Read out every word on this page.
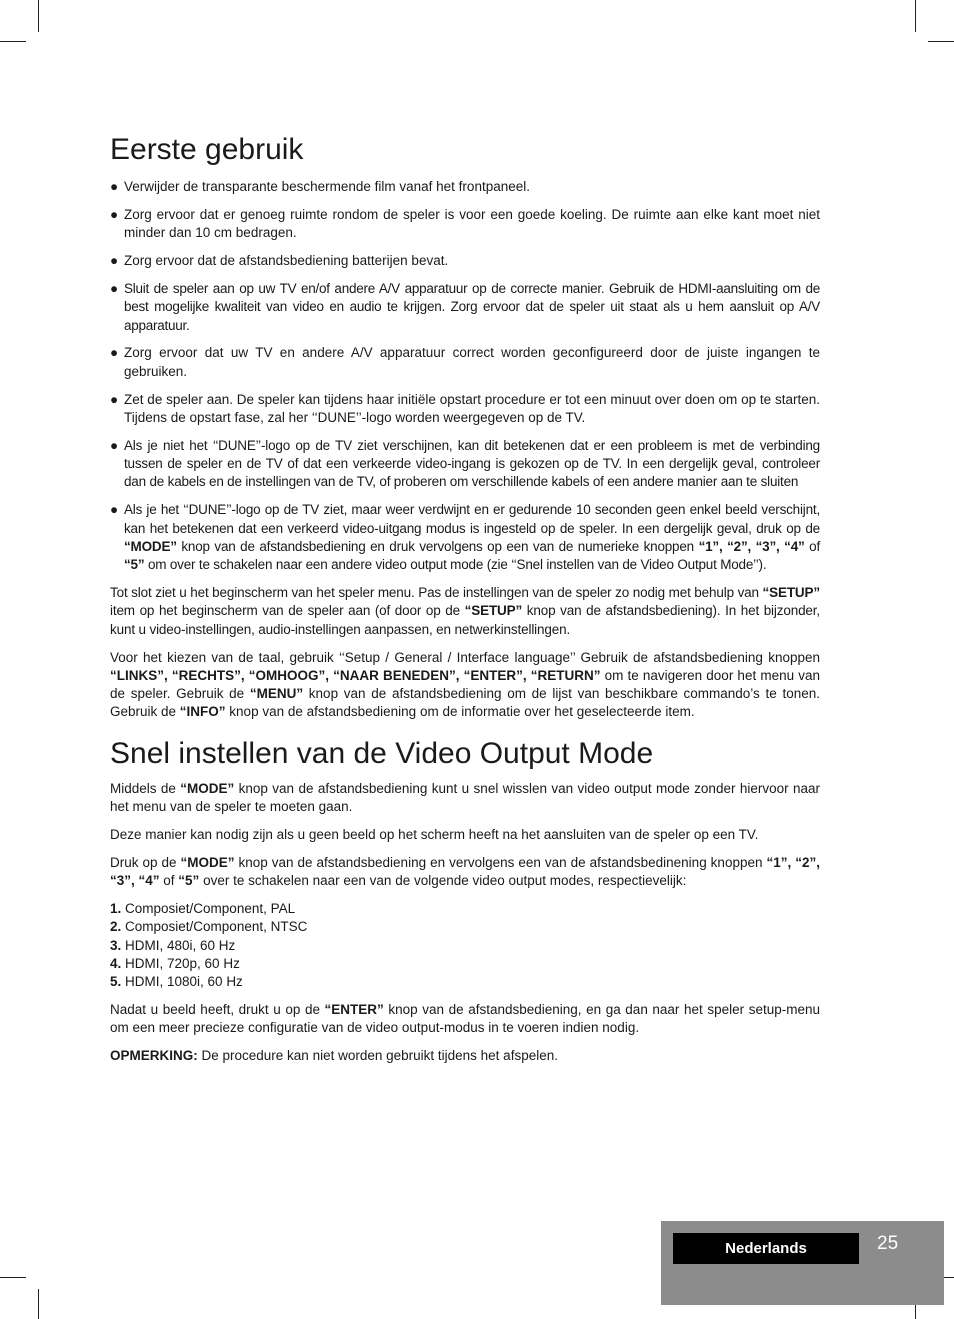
Eerste gebruik
● Verwijder de transparante beschermende film vanaf het frontpaneel.
● Zorg ervoor dat er genoeg ruimte rondom de speler is voor een goede koeling. De ruimte aan elke kant moet niet minder dan 10 cm bedragen.
● Zorg ervoor dat de afstandsbediening batterijen bevat.
● Sluit de speler aan op uw TV en/of andere A/V apparatuur op de correcte manier. Gebruik de HDMI-aansluiting om de best mogelijke kwaliteit van video en audio te krijgen. Zorg ervoor dat de speler uit staat als u hem aansluit op A/V apparatuur.
● Zorg ervoor dat uw TV en andere A/V apparatuur correct worden geconfigureerd door de juiste ingangen te gebruiken.
● Zet de speler aan. De speler kan tijdens haar initiële opstart procedure er tot een minuut over doen om op te starten. Tijdens de opstart fase, zal her ‘‘DUNE’’-logo worden weergegeven op de TV.
● Als je niet het ‘‘DUNE’’-logo op de TV ziet verschijnen, kan dit betekenen dat er een probleem is met de verbinding tussen de speler en de TV of dat een verkeerde video-ingang is gekozen op de TV. In een dergelijk geval, controleer dan de kabels en de instellingen van de TV, of proberen om verschillende kabels of een andere manier aan te sluiten
● Als je het ‘‘DUNE’’-logo op de TV ziet, maar weer verdwijnt en er gedurende 10 seconden geen enkel beeld verschijnt, kan het betekenen dat een verkeerd video-uitgang modus is ingesteld op de speler. In een dergelijk geval, druk op de “MODE” knop van de afstandsbediening en druk vervolgens op een van de numerieke knoppen “1”, “2”, “3”, “4” of “5” om over te schakelen naar een andere video output mode (zie ‘‘Snel instellen van de Video Output Mode’’).

Tot slot ziet u het beginscherm van het speler menu. Pas de instellingen van de speler zo nodig met behulp van “SETUP” item op het beginscherm van de speler aan (of door op de “SETUP” knop van de afstandsbediening). In het bijzonder, kunt u video-instellingen, audio-instellingen aanpassen, en netwerkinstellingen.

Voor het kiezen van de taal, gebruik ‘‘Setup / General / Interface language’’ Gebruik de afstandsbediening knoppen “LINKS”, “RECHTS”, “OMHOOG”, “NAAR BENEDEN”, “ENTER”, “RETURN” om te navigeren door het menu van de speler. Gebruik de “MENU” knop van de afstandsbediening om de lijst van beschikbare commando’s te tonen. Gebruik de “INFO” knop van de afstandsbediening om de informatie over het geselecteerde item.

Snel instellen van de Video Output Mode

Middels de “MODE” knop van de afstandsbediening kunt u snel wisslen van video output mode zonder hiervoor naar het menu van de speler te moeten gaan.

Deze manier kan nodig zijn als u geen beeld op het scherm heeft na het aansluiten van de speler op een TV.

Druk op de “MODE” knop van de afstandsbediening en vervolgens een van de afstandsbedinening knoppen “1”, “2”, “3”, “4” of “5” over te schakelen naar een van de volgende video output modes, respectievelijk:

1. Composiet/Component, PAL
2. Composiet/Component, NTSC
3. HDMI, 480i, 60 Hz
4. HDMI, 720p, 60 Hz
5. HDMI, 1080i, 60 Hz

Nadat u beeld heeft, drukt u op de “ENTER” knop van de afstandsbediening, en ga dan naar het speler setup-menu om een meer precieze configuratie van de video output-modus in te voeren indien nodig.

OPMERKING: De procedure kan niet worden gebruikt tijdens het afspelen.

Nederlands	25
